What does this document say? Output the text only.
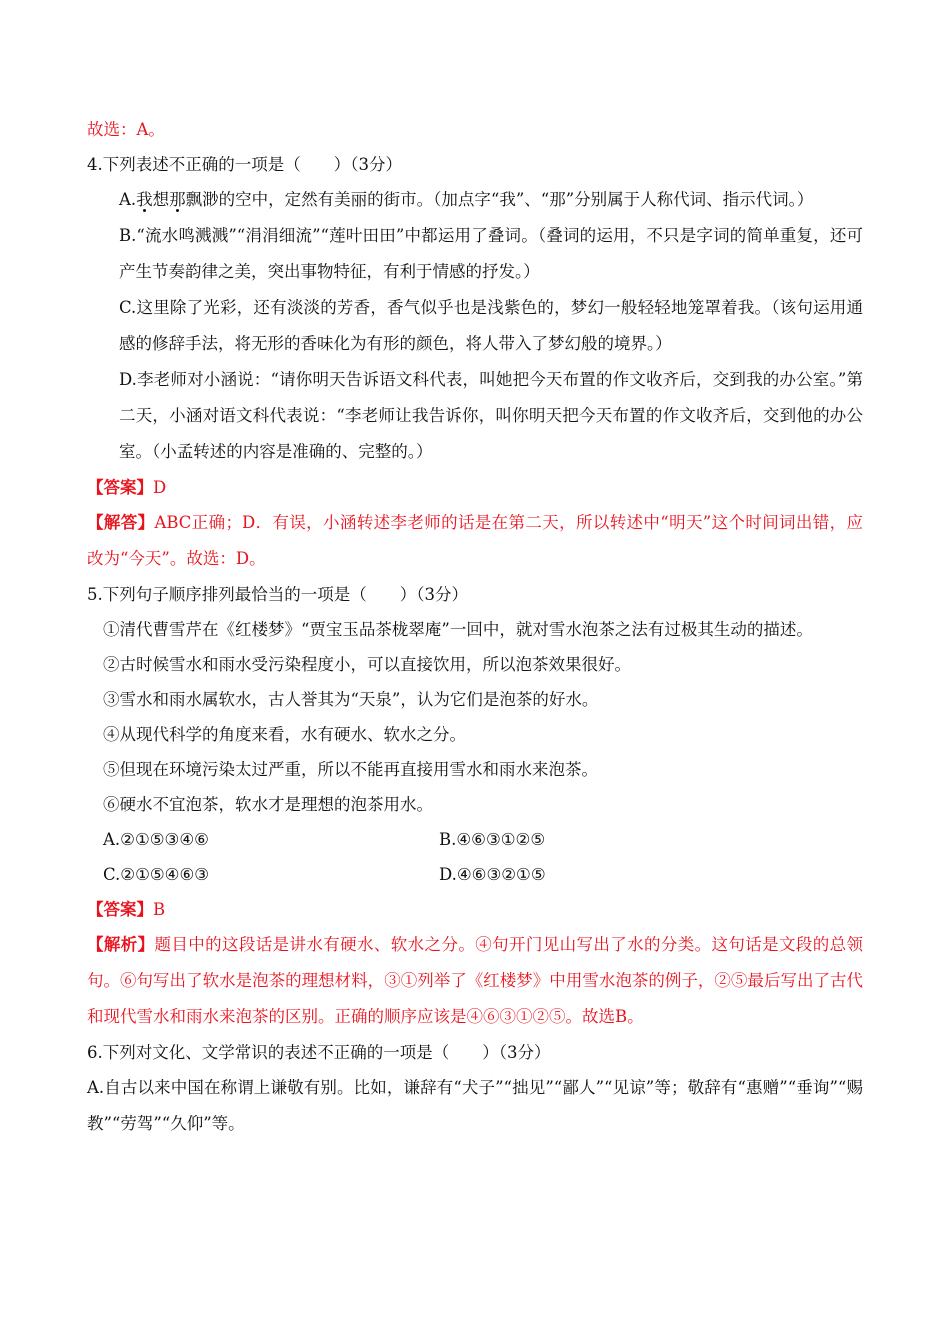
故选：A。
4.下列表述不正确的一项是（　　）（3分）
A.我想那飘渺的空中，定然有美丽的街市。（加点字“我”、“那”分别属于人称代词、指示代词。）
B.“流水鸣溅溅”“涓涓细流”“莲叶田田”中都运用了叠词。（叠词的运用，不只是字词的简单重复，还可产生节奏韵律之美，突出事物特征，有利于情感的抒发。）
C.这里除了光彩，还有淡淡的芳香，香气似乎也是浅紫色的，梦幻一般轻轻地笼罩着我。（该句运用通感的修辞手法，将无形的香味化为有形的颜色，将人带入了梦幻般的境界。）
D.李老师对小涵说：“请你明天告诉语文科代表，叫她把今天布置的作文收齐后，交到我的办公室。”第二天，小涵对语文科代表说：“李老师让我告诉你，叫你明天把今天布置的作文收齐后，交到他的办公室。（小孟转述的内容是准确的、完整的。）
【答案】D
【解答】ABC正确；D．有误，小涵转述李老师的话是在第二天，所以转述中“明天”这个时间词出错，应改为“今天”。故选：D。
5.下列句子顺序排列最恰当的一项是（　　）（3分）
①清代曹雪芹在《红楼梦》“贾宝玉品茶栊翠庵”一回中，就对雪水泡茶之法有过极其生动的描述。
②古时候雪水和雨水受污染程度小，可以直接饮用，所以泡茶效果很好。
③雪水和雨水属软水，古人誉其为“天泉”，认为它们是泡茶的好水。
④从现代科学的角度来看，水有硬水、软水之分。
⑤但现在环境污染太过严重，所以不能再直接用雪水和雨水来泡茶。
⑥硬水不宜泡茶，软水才是理想的泡茶用水。
A.②①⑤③④⑥	B.④⑥③①②⑤
C.②①⑤④⑥③	D.④⑥③②①⑤
【答案】B
【解析】题目中的这段话是讲水有硬水、软水之分。④句开门见山写出了水的分类。这句话是文段的总领句。⑥句写出了软水是泡茶的理想材料，③①列举了《红楼梦》中用雪水泡茶的例子，②⑤最后写出了古代和现代雪水和雨水来泡茶的区别。正确的顺序应该是④⑥③①②⑤。故选B。
6.下列对文化、文学常识的表述不正确的一项是（　　）（3分）
A.自古以来中国在称谓上谦敬有别。比如，谦辞有“犬子”“拙见”“鄙人”“见谅”等；敬辞有“惠赠”“垂询”“赐教”“劳驾”“久仰”等。
